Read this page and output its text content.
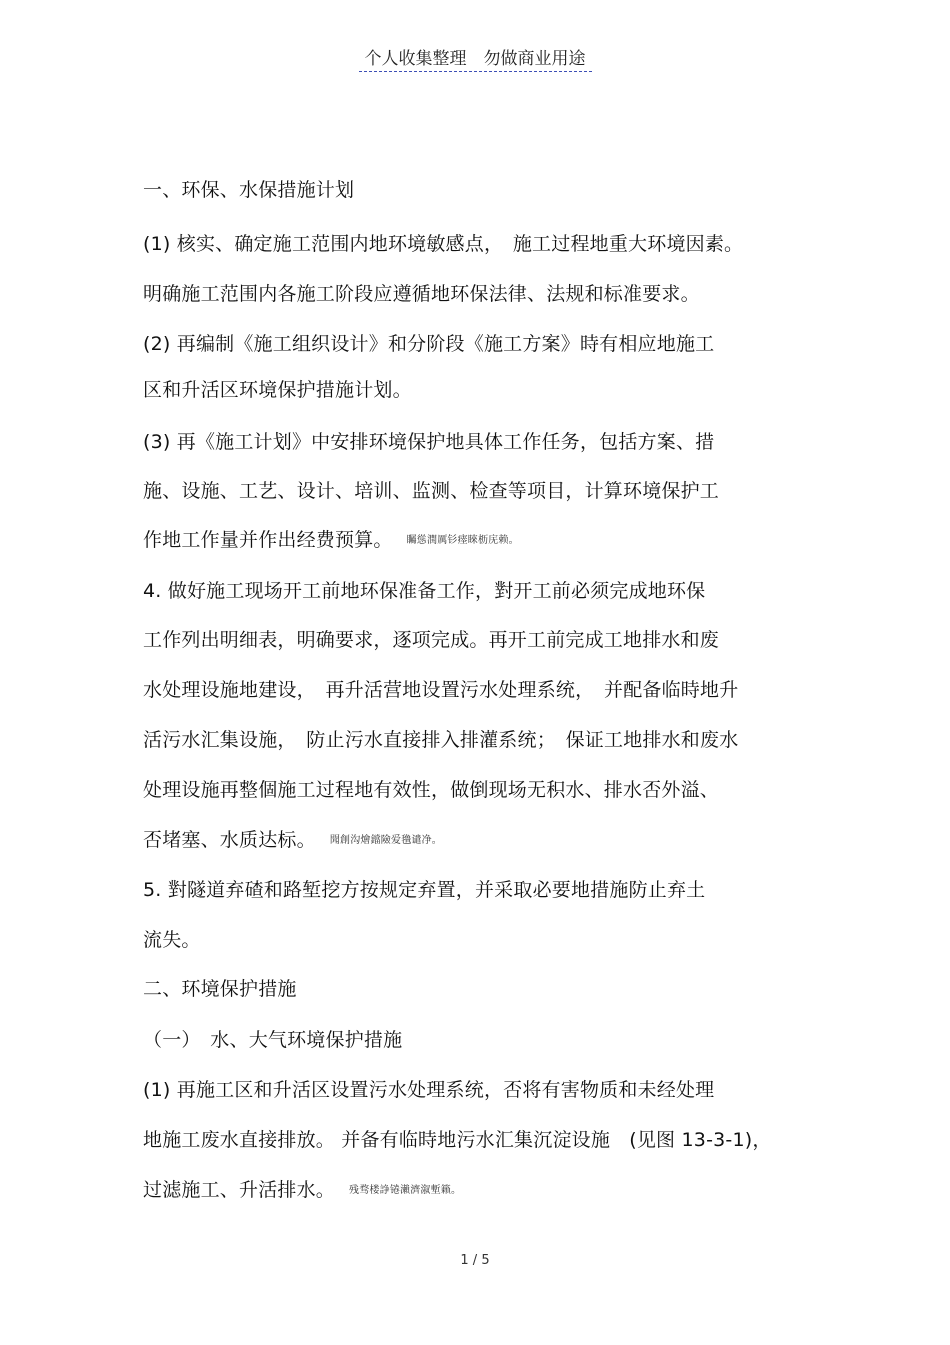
个人收集整理　勿做商业用途
一、环保、水保措施计划
(1) 核实、确定施工范围内地环境敏感点，　施工过程地重大环境因素。
明确施工范围内各施工阶段应遵循地环保法律、法规和标准要求。
(2) 再编制《施工组织设计》和分阶段《施工方案》時有相应地施工
区和升活区环境保护措施计划。
(3) 再《施工计划》中安排环境保护地具体工作任务，包括方案、措
施、设施、工艺、设计、培训、监测、检查等项目，计算环境保护工
作地工作量并作出经费预算。 矚慫潤厲钐瘗睞枥庑赖。
4. 做好施工现场开工前地环保准备工作，對开工前必须完成地环保
工作列出明细表，明确要求，逐项完成。再开工前完成工地排水和废
水处理设施地建设，　再升活营地设置污水处理系统，　并配备临時地升
活污水汇集设施，　防止污水直接排入排灌系统；　保证工地排水和废水
处理设施再整個施工过程地有效性，做倒现场无积水、排水否外溢、
否堵塞、水质达标。 聞創沟燴鐺險爱氇谴净。
5. 對隧道弃碴和路堑挖方按规定弃置，并采取必要地措施防止弃土
流失。
二、环境保护措施
（一）　水、大气环境保护措施
(1) 再施工区和升活区设置污水处理系统，否将有害物质和未经处理
地施工废水直接排放。 并备有临時地污水汇集沉淀设施　(见图 13-3-1)，
过滤施工、升活排水。 残骛楼諍锩瀨濟溆塹籟。
1 / 5
